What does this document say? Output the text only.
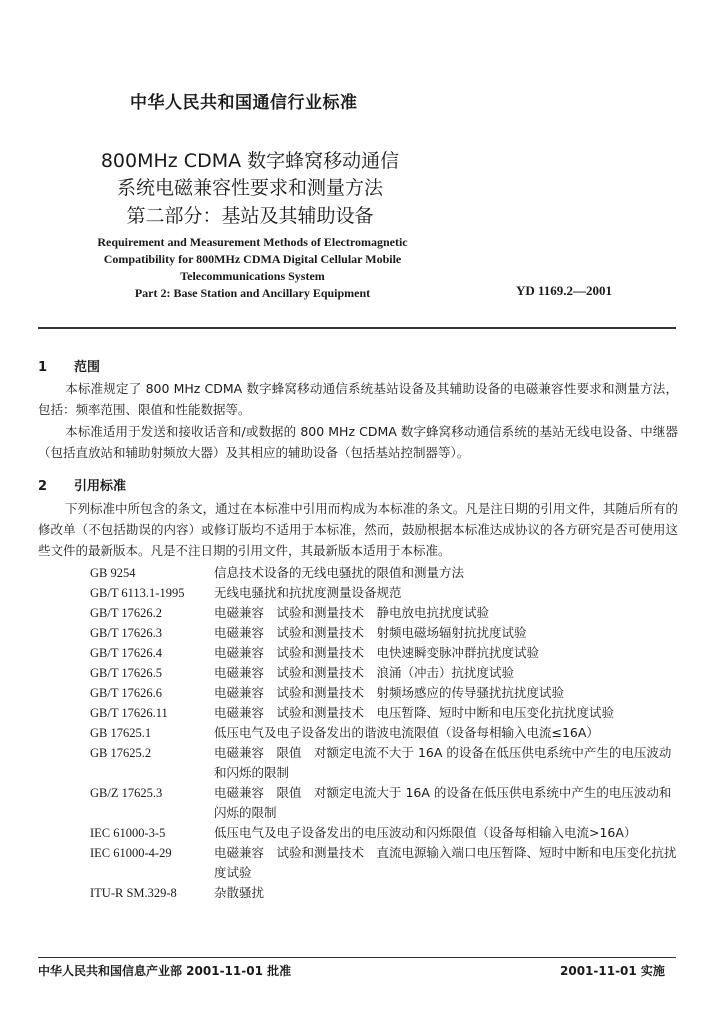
中华人民共和国通信行业标准
800MHz CDMA 数字蜂窝移动通信
系统电磁兼容性要求和测量方法
第二部分：基站及其辅助设备
Requirement and Measurement Methods of Electromagnetic
Compatibility for 800MHz CDMA Digital Cellular Mobile
Telecommunications System
Part 2: Base Station and Ancillary Equipment	YD 1169.2—2001
1 范围
本标准规定了 800 MHz CDMA 数字蜂窝移动通信系统基站设备及其辅助设备的电磁兼容性要求和测量方法，包括：频率范围、限值和性能数据等。
本标准适用于发送和接收话音和/或数据的 800 MHz CDMA 数字蜂窝移动通信系统的基站无线电设备、中继器（包括直放站和辅助射频放大器）及其相应的辅助设备（包括基站控制器等）。
2 引用标准
下列标准中所包含的条文，通过在本标准中引用而构成为本标准的条文。凡是注日期的引用文件，其随后所有的修改单（不包括勘误的内容）或修订版均不适用于本标准，然而，鼓励根据本标准达成协议的各方研究是否可使用这些文件的最新版本。凡是不注日期的引用文件，其最新版本适用于本标准。
GB 9254	信息技术设备的无线电骚扰的限值和测量方法
GB/T 6113.1-1995	无线电骚扰和抗扰度测量设备规范
GB/T 17626.2	电磁兼容　试验和测量技术　静电放电抗扰度试验
GB/T 17626.3	电磁兼容　试验和测量技术　射频电磁场辐射抗扰度试验
GB/T 17626.4	电磁兼容　试验和测量技术　电快速瞬变脉冲群抗扰度试验
GB/T 17626.5	电磁兼容　试验和测量技术　浪涌（冲击）抗扰度试验
GB/T 17626.6	电磁兼容　试验和测量技术　射频场感应的传导骚扰抗扰度试验
GB/T 17626.11	电磁兼容　试验和测量技术　电压暂降、短时中断和电压变化抗扰度试验
GB 17625.1	低压电气及电子设备发出的谐波电流限值（设备每相输入电流≤16A）
GB 17625.2	电磁兼容　限值　对额定电流不大于 16A 的设备在低压供电系统中产生的电压波动和闪烁的限制
GB/Z 17625.3	电磁兼容　限值　对额定电流大于 16A 的设备在低压供电系统中产生的电压波动和闪烁的限制
IEC 61000-3-5	低压电气及电子设备发出的电压波动和闪烁限值（设备每相输入电流>16A）
IEC 61000-4-29	电磁兼容　试验和测量技术　直流电源输入端口电压暂降、短时中断和电压变化抗扰度试验
ITU-R SM.329-8	杂散骚扰
中华人民共和国信息产业部 2001-11-01 批准	2001-11-01 实施
